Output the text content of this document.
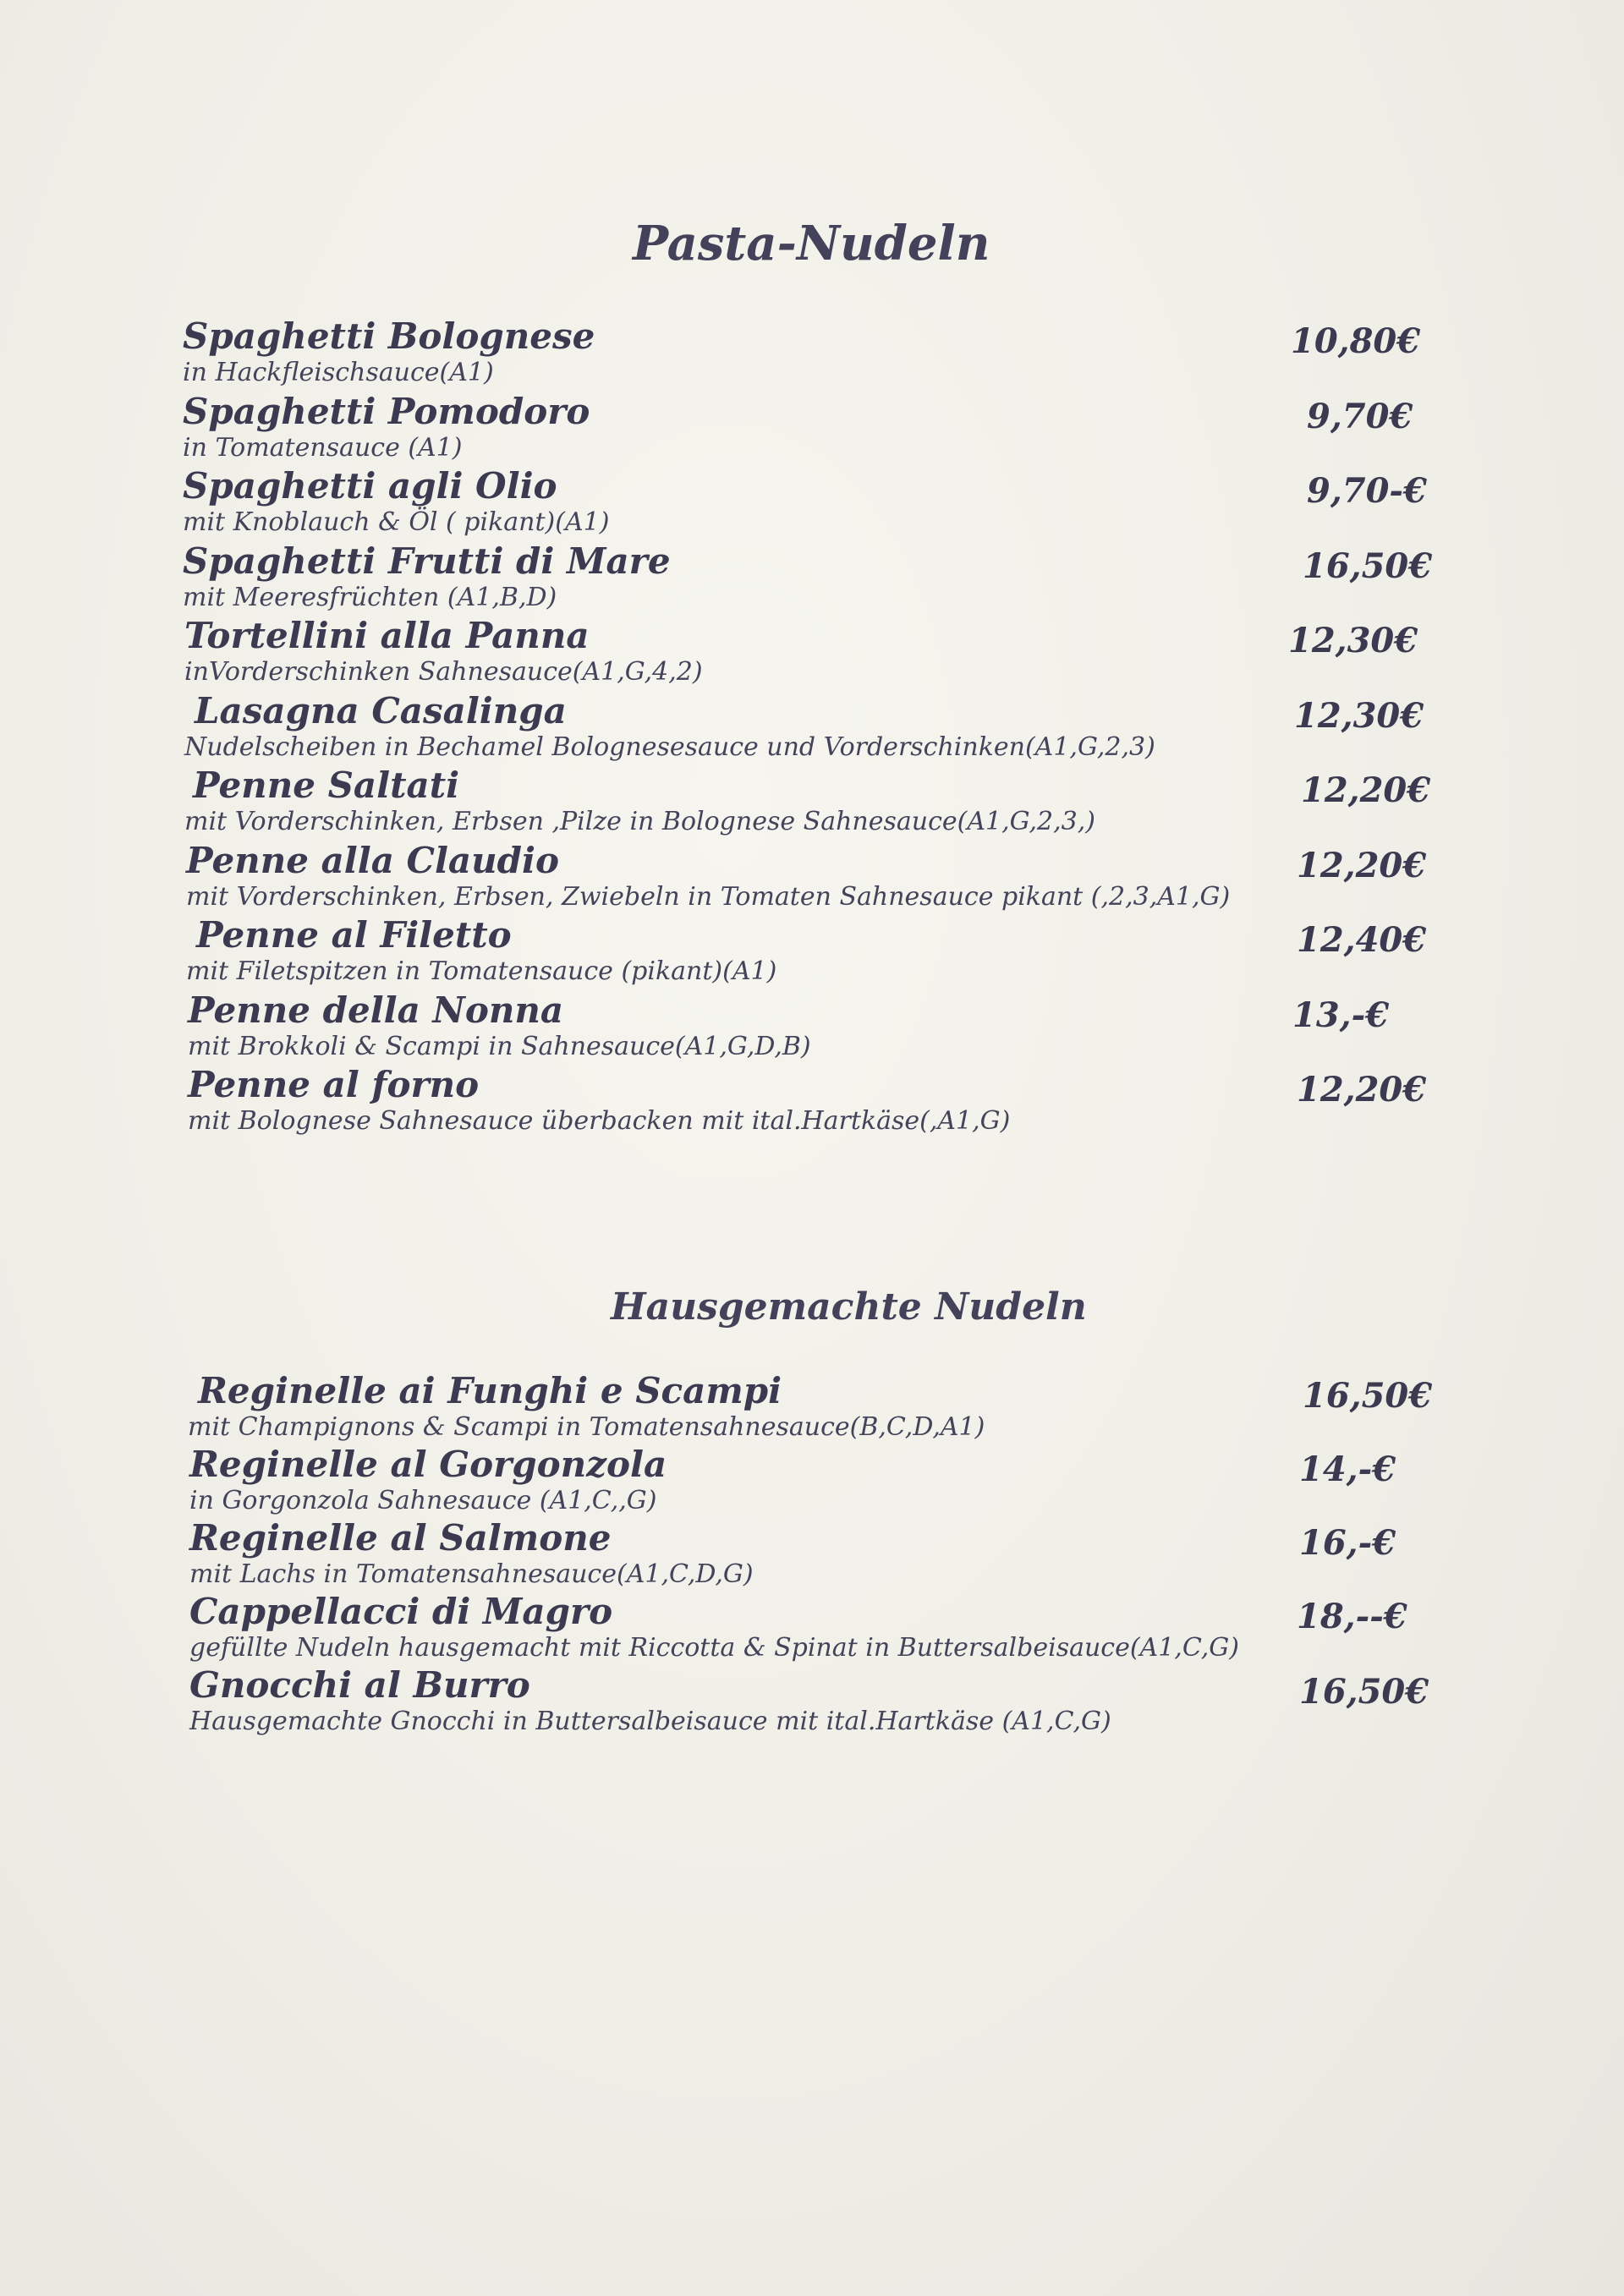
Pasta-Nudeln
Spaghetti Bolognese
in Hackfleischsauce(A1)
10,80€
Spaghetti Pomodoro
in Tomatensauce (A1)
9,70€
Spaghetti agli Olio
mit Knoblauch & Öl ( pikant)(A1)
9,70-€
Spaghetti Frutti di Mare
mit Meeresfrüchten (A1,B,D)
16,50€
Tortellini alla Panna
inVorderschinken Sahnesauce(A1,G,4,2)
12,30€
Lasagna Casalinga
Nudelscheiben in Bechamel Bolognesesauce und Vorderschinken(A1,G,2,3)
12,30€
Penne Saltati
mit Vorderschinken, Erbsen ,Pilze in Bolognese Sahnesauce(A1,G,2,3,)
12,20€
Penne alla Claudio
mit Vorderschinken, Erbsen, Zwiebeln in Tomaten Sahnesauce pikant (,2,3,A1,G)
12,20€
Penne al Filetto
mit Filetspitzen in Tomatensauce (pikant)(A1)
12,40€
Penne della Nonna
mit Brokkoli & Scampi in Sahnesauce(A1,G,D,B)
13,-€
Penne al forno
mit Bolognese Sahnesauce überbacken mit ital.Hartkäse(,A1,G)
12,20€
Hausgemachte Nudeln
Reginelle ai Funghi e Scampi
mit Champignons & Scampi in Tomatensahnesauce(B,C,D,A1)
16,50€
Reginelle al Gorgonzola
in Gorgonzola Sahnesauce (A1,C,,G)
14,-€
Reginelle al Salmone
mit Lachs in Tomatensahnesauce(A1,C,D,G)
16,-€
Cappellacci di Magro
gefüllte Nudeln hausgemacht mit Riccotta & Spinat in Buttersalbeisauce(A1,C,G)
18,--€
Gnocchi al Burro
Hausgemachte Gnocchi in Buttersalbeisauce mit ital.Hartkäse (A1,C,G)
16,50€
